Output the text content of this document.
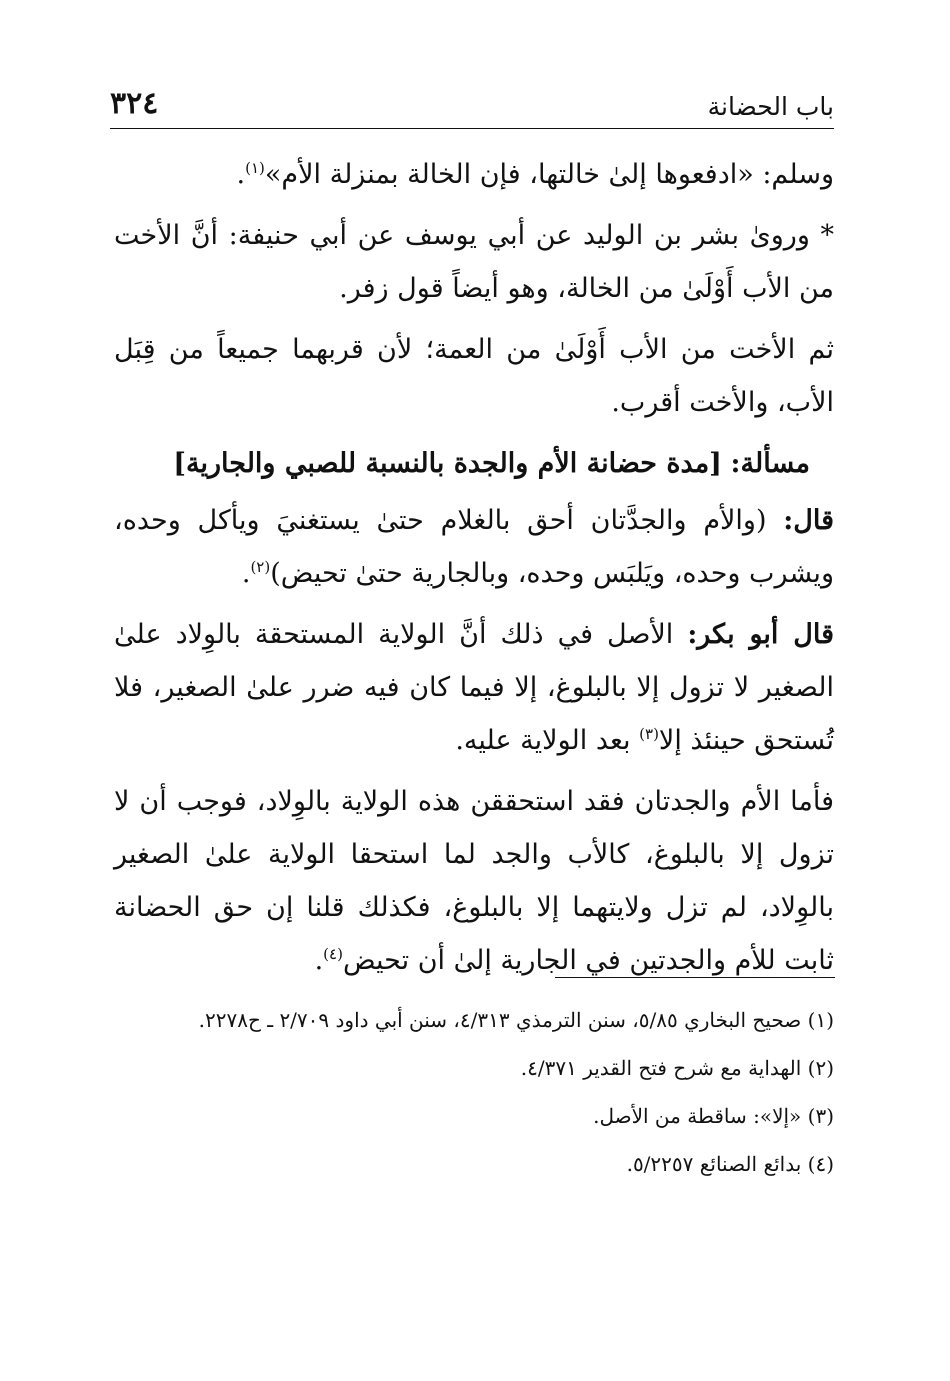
باب الحضانة
٣٢٤

وسلم: «ادفعوها إلىٰ خالتها، فإن الخالة بمنزلة الأم»$^{(١)}$.

* وروىٰ بشر بن الوليد عن أبي يوسف عن أبي حنيفة: أنَّ الأخت من الأب أَوْلَىٰ من الخالة، وهو أيضاً قول زفر.

ثم الأخت من الأب أَوْلَىٰ من العمة؛ لأن قربهما جميعاً من قِبَل الأب، والأخت أقرب.

مسألة: [مدة حضانة الأم والجدة بالنسبة للصبي والجارية]

قال: (والأم والجدَّتان أحق بالغلام حتىٰ يستغنيَ ويأكل وحده، ويشرب وحده، ويَلبَس وحده، وبالجارية حتىٰ تحيض)$^{(٢)}$.

قال أبو بكر: الأصل في ذلك أنَّ الولاية المستحقة بالوِلاد علىٰ الصغير لا تزول إلا بالبلوغ، إلا فيما كان فيه ضرر علىٰ الصغير، فلا تُستحق حينئذ إلا$^{(٣)}$ بعد الولاية عليه.

فأما الأم والجدتان فقد استحققن هذه الولاية بالوِلاد، فوجب أن لا تزول إلا بالبلوغ، كالأب والجد لما استحقا الولاية علىٰ الصغير بالوِلاد، لم تزل ولايتهما إلا بالبلوغ، فكذلك قلنا إن حق الحضانة ثابت للأم والجدتين في الجارية إلىٰ أن تحيض$^{(٤)}$.

(١) صحيح البخاري ٥/٨٥، سنن الترمذي ٤/٣١٣، سنن أبي داود ٢/٧٠٩ ـ ح٢٢٧٨.

(٢) الهداية مع شرح فتح القدير ٤/٣٧١.

(٣) «إلا»: ساقطة من الأصل.

(٤) بدائع الصنائع ٥/٢٢٥٧.
